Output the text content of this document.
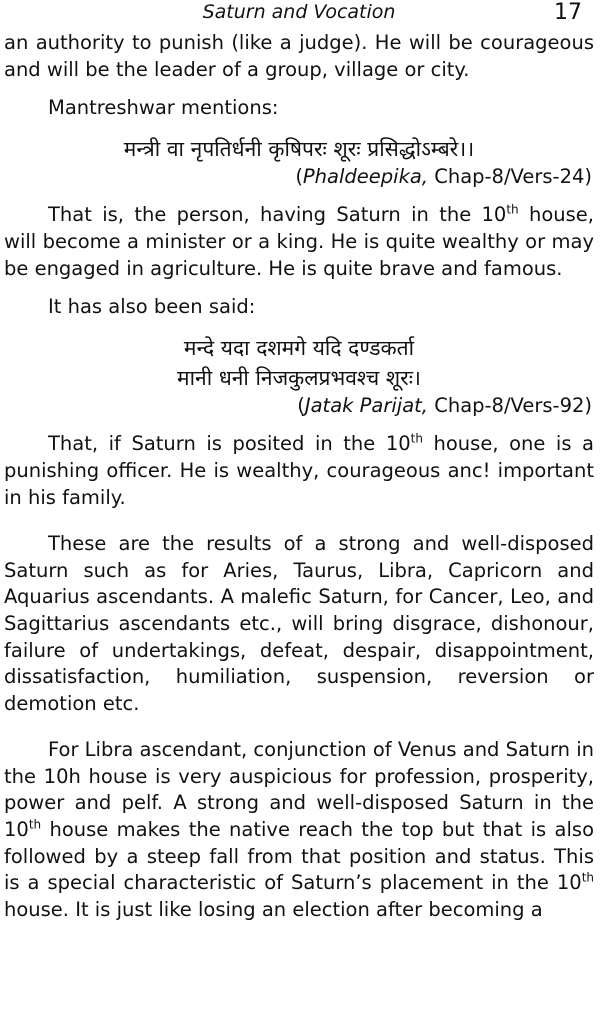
Saturn and Vocation	17

an authority to punish (like a judge). He will be courageous and will be the leader of a group, village or city.

Mantreshwar mentions:

मन्त्री वा नृपतिर्धनी कृषिपरः शूरः प्रसिद्धोऽम्बरे।।
(Phaldeepika, Chap-8/Vers-24)

That is, the person, having Saturn in the 10th house, will become a minister or a king. He is quite wealthy or may be engaged in agriculture. He is quite brave and famous.

It has also been said:

मन्दे यदा दशमगे यदि दण्डकर्ता
मानी धनी निजकुलप्रभवश्च शूरः।
(Jatak Parijat, Chap-8/Vers-92)

That, if Saturn is posited in the 10th house, one is a punishing officer. He is wealthy, courageous anc! important in his family.

These are the results of a strong and well-disposed Saturn such as for Aries, Taurus, Libra, Capricorn and Aquarius ascendants. A malefic Saturn, for Cancer, Leo, and Sagittarius ascendants etc., will bring disgrace, dishonour, failure of undertakings, defeat, despair, disappointment, dissatisfaction, humiliation, suspension, reversion or demotion etc.

For Libra ascendant, conjunction of Venus and Saturn in the 10h house is very auspicious for profession, prosperity, power and pelf. A strong and well-disposed Saturn in the 10th house makes the native reach the top but that is also followed by a steep fall from that position and status. This is a special characteristic of Saturn’s placement in the 10th house. It is just like losing an election after becoming a
